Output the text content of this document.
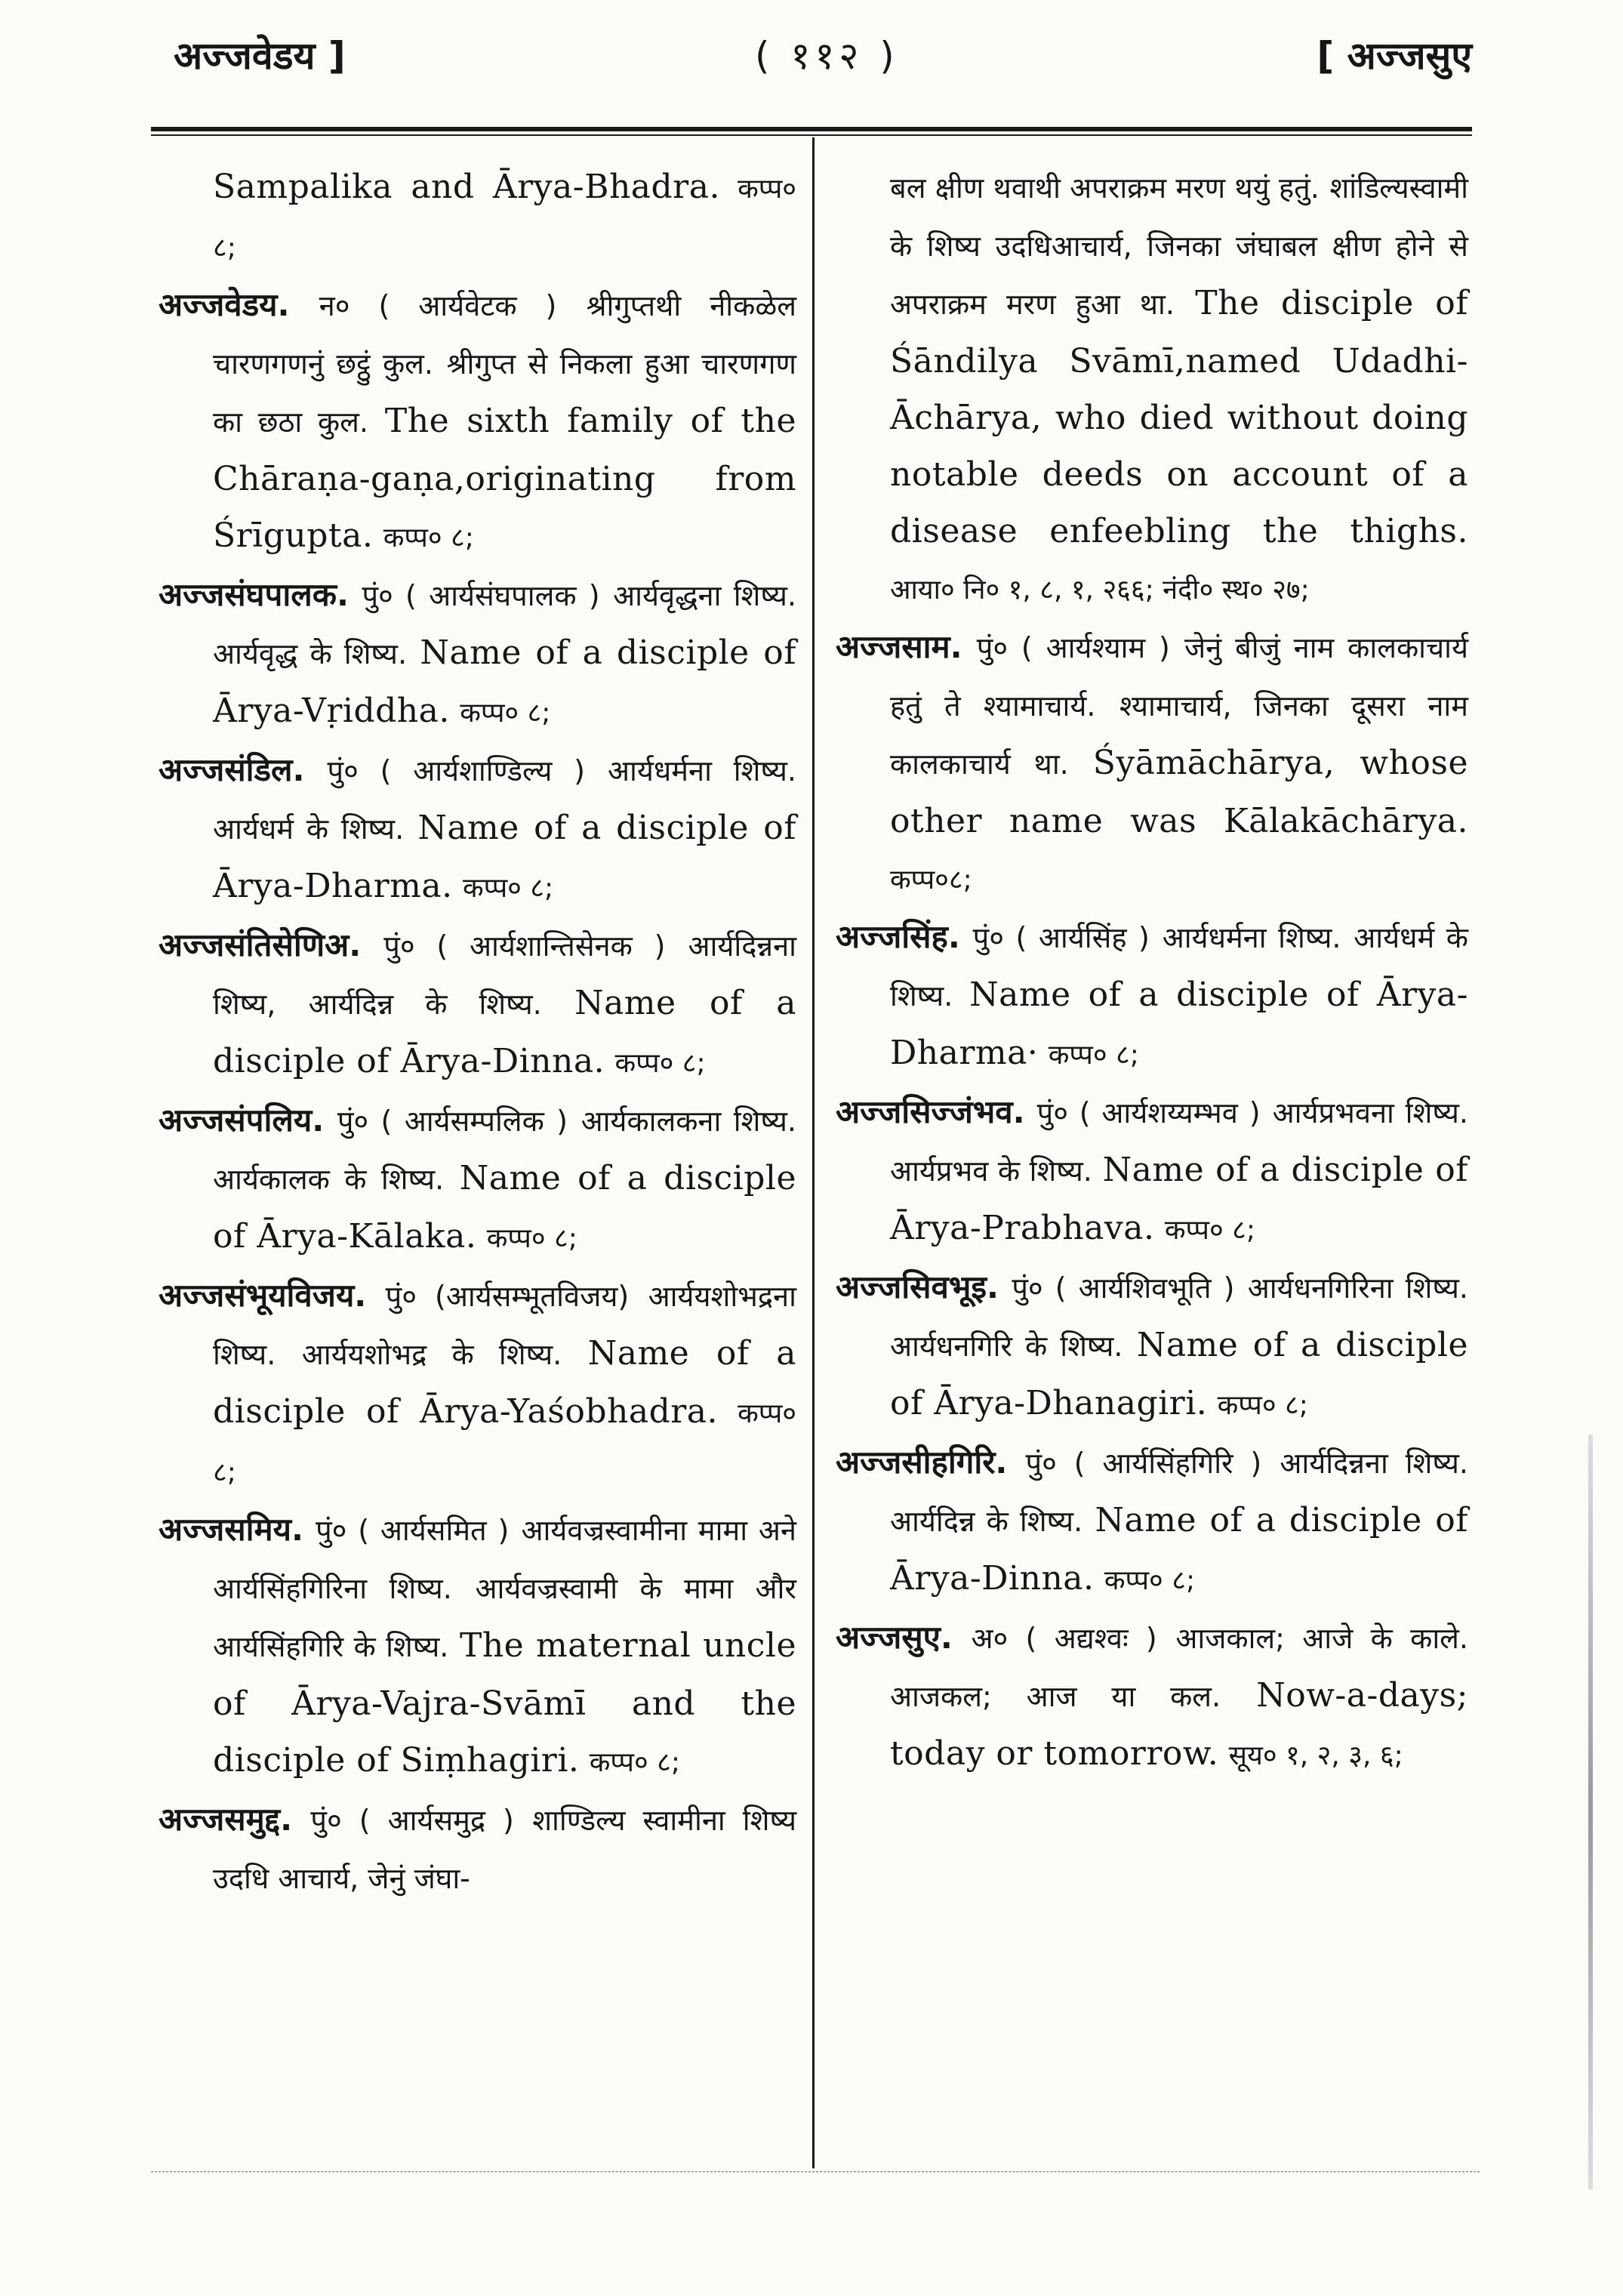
अज्जवेडय ]	( ११२ )	[ अज्जसुए

Sampalika and Ārya-Bhadra. कप्प० ८;

अज्जवेडय. न० ( आर्यवेटक ) श्रीगुप्तथी नीकळेल चारणगणनुं छट्ठुं कुल. श्रीगुप्त से निकला हुआ चारणगण का छठा कुल. The sixth family of the Chāraṇa-gaṇa,originating from Śrīgupta. कप्प० ८;

अज्जसंघपालक. पुं० ( आर्यसंघपालक ) आर्यवृद्धना शिष्य. आर्यवृद्ध के शिष्य. Name of a disciple of Ārya-Vṛiddha. कप्प० ८;

अज्जसंडिल. पुं० ( आर्यशाण्डिल्य ) आर्यधर्मना शिष्य. आर्यधर्म के शिष्य. Name of a disciple of Ārya-Dharma. कप्प० ८;

अज्जसंतिसेणिअ. पुं० ( आर्यशान्तिसेनक ) आर्यदिन्नना शिष्य, आर्यदिन्न के शिष्य. Name of a disciple of Ārya-Dinna. कप्प० ८;

अज्जसंपलिय. पुं० ( आर्यसम्पलिक ) आर्यकालकना शिष्य. आर्यकालक के शिष्य. Name of a disciple of Ārya-Kālaka. कप्प० ८;

अज्जसंभूयविजय. पुं० (आर्यसम्भूतविजय) आर्ययशोभद्रना शिष्य. आर्ययशोभद्र के शिष्य. Name of a disciple of Ārya-Yaśobhadra. कप्प० ८;

अज्जसमिय. पुं० ( आर्यसमित ) आर्यवज्रस्वामीना मामा अने आर्यसिंहगिरिना शिष्य. आर्यवज्रस्वामी के मामा और आर्यसिंहगिरि के शिष्य. The maternal uncle of Ārya-Vajra-Svāmī and the disciple of Siṃhagiri. कप्प० ८;

अज्जसमुद्द. पुं० ( आर्यसमुद्र ) शाण्डिल्य स्वामीना शिष्य उदधि आचार्य, जेनुं जंघा-

बल क्षीण थवाथी अपराक्रम मरण थयुं हतुं. शांडिल्यस्वामी के शिष्य उदधिआचार्य, जिनका जंघाबल क्षीण होने से अपराक्रम मरण हुआ था. The disciple of Śāndilya Svāmī,named Udadhi-Āchārya, who died without doing notable deeds on account of a disease enfeebling the thighs. आया० नि० १, ८, १, २६६; नंदी० स्थ० २७;

अज्जसाम. पुं० ( आर्यश्याम ) जेनुं बीजुं नाम कालकाचार्य हतुं ते श्यामाचार्य. श्यामाचार्य, जिनका दूसरा नाम कालकाचार्य था. Śyāmāchārya, whose other name was Kālakāchārya. कप्प०८;

अज्जसिंह. पुं० ( आर्यसिंह ) आर्यधर्मना शिष्य. आर्यधर्म के शिष्य. Name of a disciple of Ārya-Dharma· कप्प० ८;

अज्जसिज्जंभव. पुं० ( आर्यशय्यम्भव ) आर्यप्रभवना शिष्य. आर्यप्रभव के शिष्य. Name of a disciple of Ārya-Prabhava. कप्प० ८;

अज्जसिवभूइ. पुं० ( आर्यशिवभूति ) आर्यधनगिरिना शिष्य. आर्यधनगिरि के शिष्य. Name of a disciple of Ārya-Dhanagiri. कप्प० ८;

अज्जसीहगिरि. पुं० ( आर्यसिंहगिरि ) आर्यदिन्नना शिष्य. आर्यदिन्न के शिष्य. Name of a disciple of Ārya-Dinna. कप्प० ८;

अज्जसुए. अ० ( अद्यश्वः ) आजकाल; आजे के काले. आजकल; आज या कल. Now-a-days; today or tomorrow. सूय० १, २, ३, ६;
